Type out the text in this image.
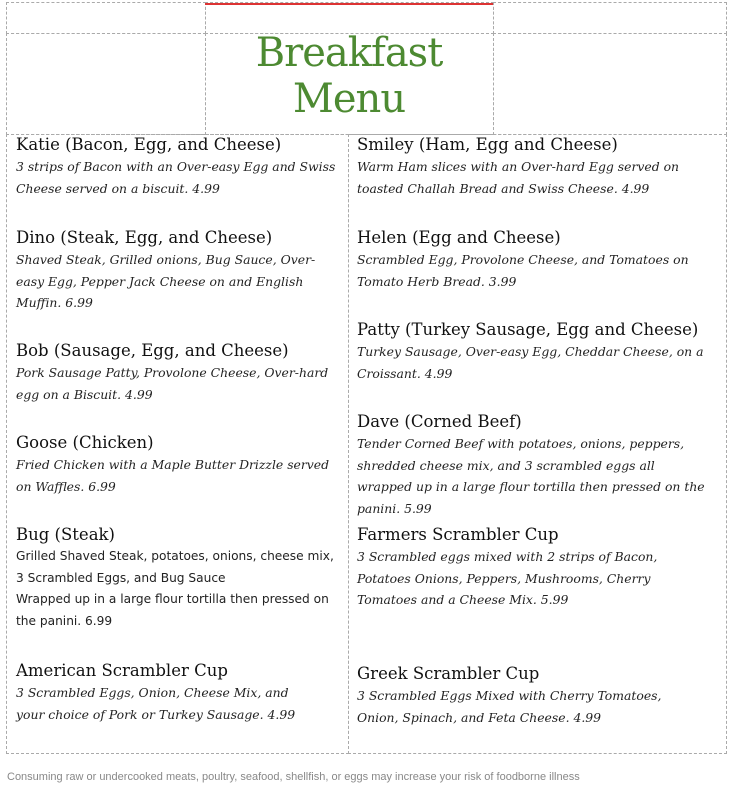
Breakfast Menu
Katie (Bacon, Egg, and Cheese)

3 strips of Bacon with an Over-easy Egg and Swiss Cheese served on a biscuit. 4.99

Dino (Steak, Egg, and Cheese)

Shaved Steak, Grilled onions, Bug Sauce, Over-easy Egg, Pepper Jack Cheese on and English Muffin. 6.99

Bob (Sausage, Egg, and Cheese)

Pork Sausage Patty, Provolone Cheese, Over-hard egg on a Biscuit. 4.99

Goose (Chicken)

Fried Chicken with a Maple Butter Drizzle served on Waffles. 6.99

Bug (Steak)

Grilled Shaved Steak, potatoes, onions, cheese mix, 3 Scrambled Eggs, and Bug Sauce

Wrapped up in a large flour tortilla then pressed on the panini. 6.99

American Scrambler Cup

3 Scrambled Eggs, Onion, Cheese Mix, and your choice of Pork or Turkey Sausage. 4.99

Smiley (Ham, Egg and Cheese)

Warm Ham slices with an Over-hard Egg served on toasted Challah Bread and Swiss Cheese. 4.99

Helen (Egg and Cheese)

Scrambled Egg, Provolone Cheese, and Tomatoes on Tomato Herb Bread. 3.99

Patty (Turkey Sausage, Egg and Cheese)

Turkey Sausage, Over-easy Egg, Cheddar Cheese, on a Croissant. 4.99

Dave (Corned Beef)

Tender Corned Beef with potatoes, onions, peppers, shredded cheese mix, and 3 scrambled eggs all wrapped up in a large flour tortilla then pressed on the panini. 5.99

Farmers Scrambler Cup

3 Scrambled eggs mixed with 2 strips of Bacon, Potatoes Onions, Peppers, Mushrooms, Cherry Tomatoes and a Cheese Mix. 5.99

Greek Scrambler Cup

3 Scrambled Eggs Mixed with Cherry Tomatoes, Onion, Spinach, and Feta Cheese. 4.99

Consuming raw or undercooked meats, poultry, seafood, shellfish, or eggs may increase your risk of foodborne illness
